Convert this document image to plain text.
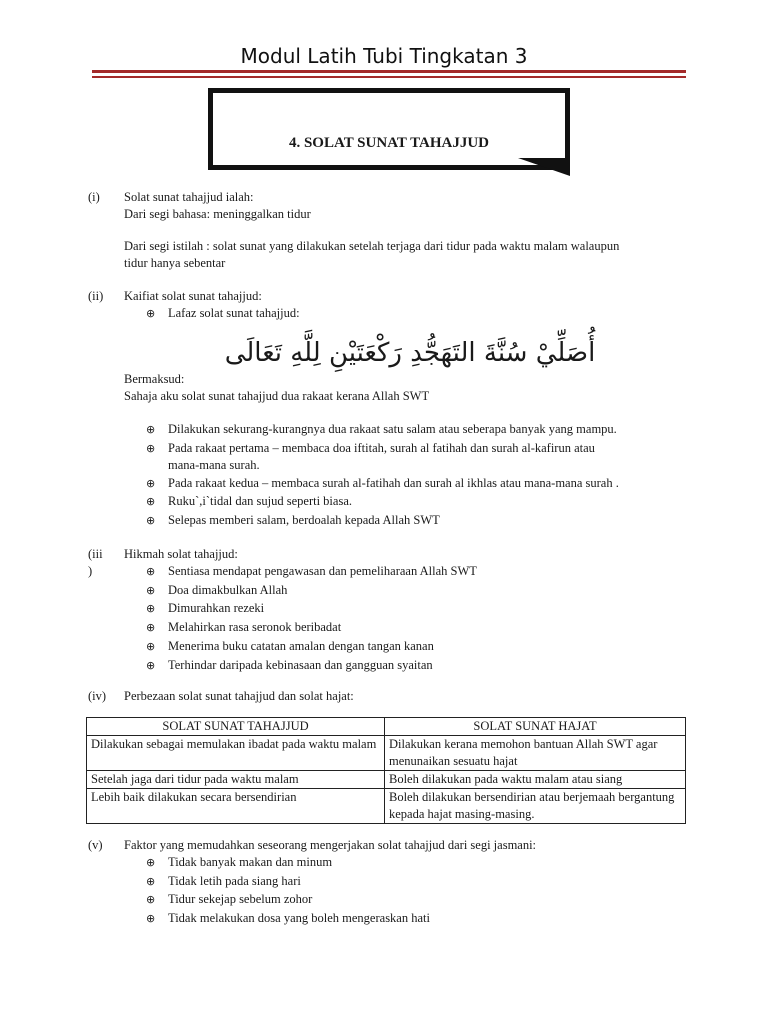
Modul Latih Tubi Tingkatan 3
4. SOLAT SUNAT TAHAJJUD
(i) Solat sunat tahajjud ialah:
Dari segi bahasa: meninggalkan tidur
Dari segi istilah : solat sunat yang dilakukan setelah terjaga dari tidur pada waktu malam walaupun
tidur hanya sebentar
(ii) Kaifiat solat sunat tahajjud:
⊕ Lafaz solat sunat tahajjud:
أُصَلِّيْ سُنَّةَ التَهَجُّدِ رَكْعَتَيْنِ لِلَّهِ تَعَالَى
Bermaksud:
Sahaja aku solat sunat tahajjud dua rakaat kerana Allah SWT
⊕ Dilakukan sekurang-kurangnya dua rakaat satu salam atau seberapa banyak yang mampu.
⊕ Pada rakaat pertama – membaca doa iftitah, surah al fatihah dan surah al-kafirun atau
mana-mana surah.
⊕ Pada rakaat kedua – membaca surah al-fatihah dan surah al ikhlas atau mana-mana surah .
⊕ Ruku`,i`tidal dan sujud seperti biasa.
⊕ Selepas memberi salam, berdoalah kepada Allah SWT
(iii
)
Hikmah solat tahajjud:
⊕ Sentiasa mendapat pengawasan dan pemeliharaan Allah SWT
⊕ Doa dimakbulkan Allah
⊕ Dimurahkan rezeki
⊕ Melahirkan rasa seronok beribadat
⊕ Menerima buku catatan amalan dengan tangan kanan
⊕ Terhindar daripada kebinasaan dan gangguan syaitan
(iv) Perbezaan solat sunat tahajjud dan solat hajat:
SOLAT SUNAT TAHAJJUD	SOLAT SUNAT HAJAT
Dilakukan sebagai memulakan ibadat pada waktu malam	Dilakukan kerana memohon bantuan Allah SWT agar menunaikan sesuatu hajat
Setelah jaga dari tidur pada waktu malam	Boleh dilakukan pada waktu malam atau siang
Lebih baik dilakukan secara bersendirian	Boleh dilakukan bersendirian atau berjemaah bergantung kepada hajat masing-masing.
(v) Faktor yang memudahkan seseorang mengerjakan solat tahajjud dari segi jasmani:
⊕ Tidak banyak makan dan minum
⊕ Tidak letih pada siang hari
⊕ Tidur sekejap sebelum zohor
⊕ Tidak melakukan dosa yang boleh mengeraskan hati
